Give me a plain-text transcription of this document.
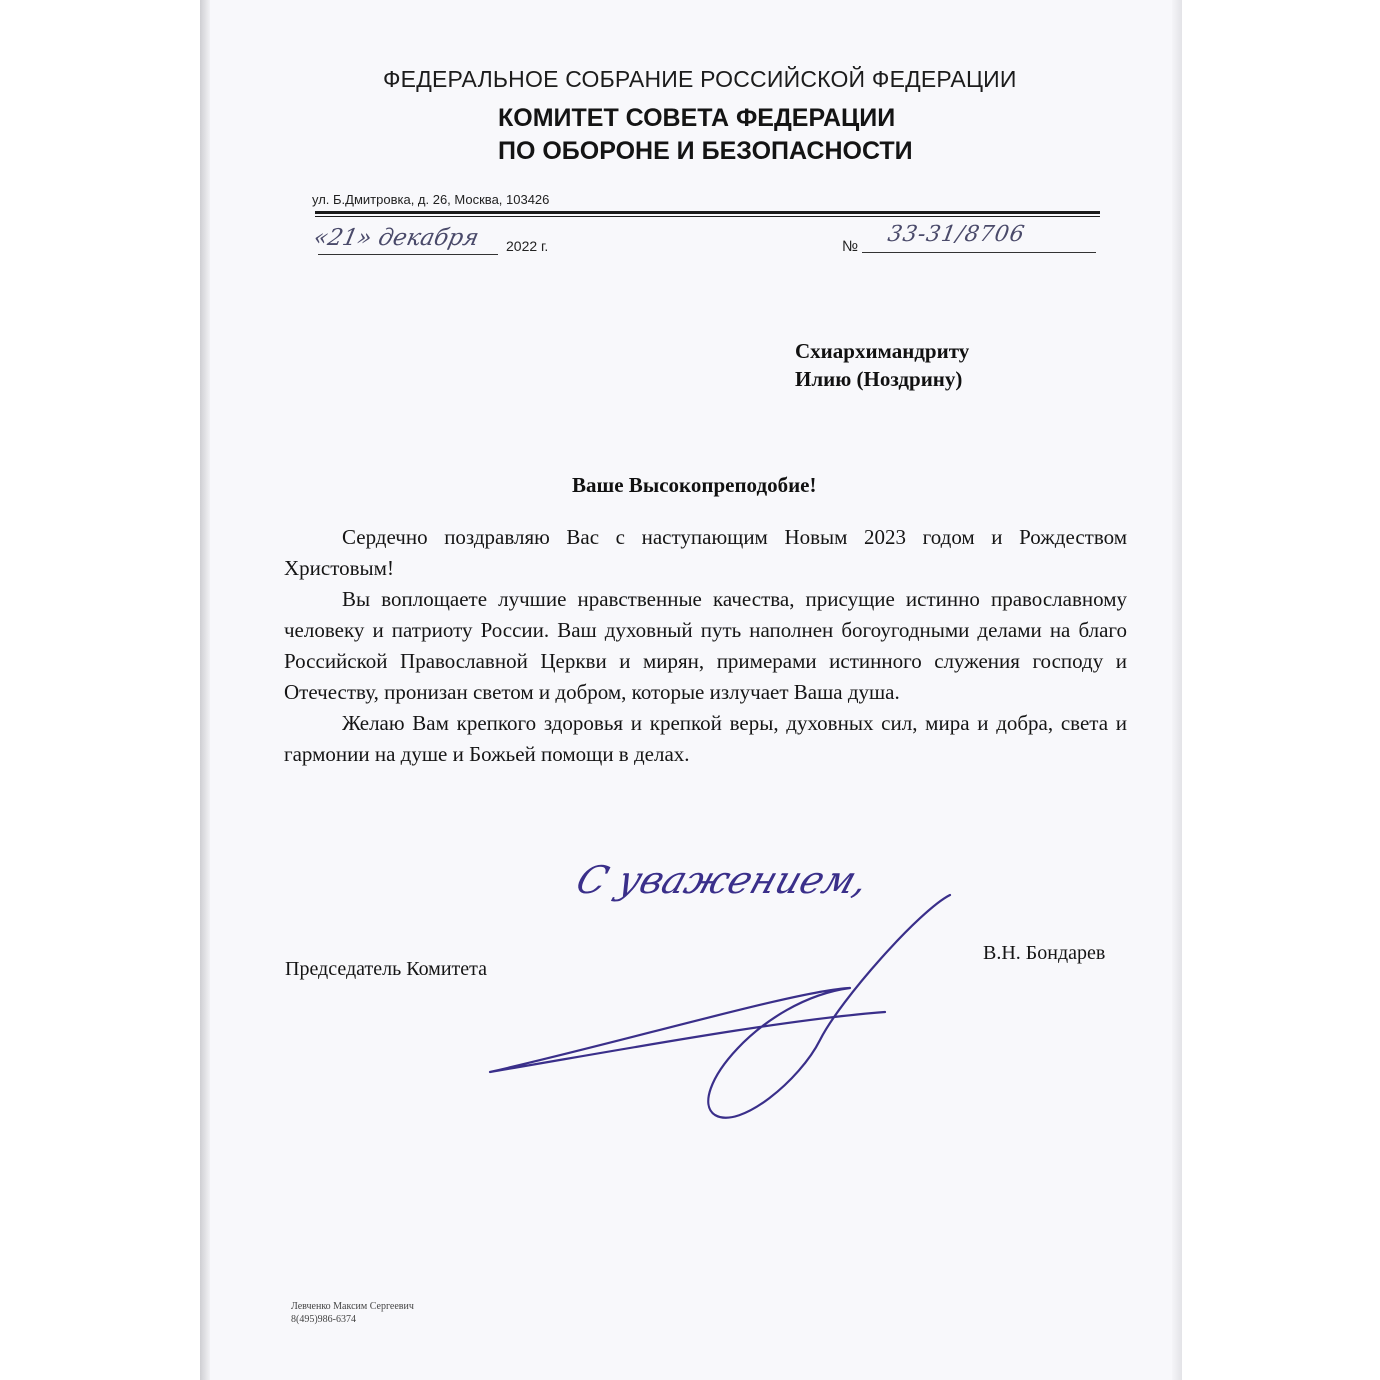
ФЕДЕРАЛЬНОЕ СОБРАНИЕ РОССИЙСКОЙ ФЕДЕРАЦИИ
КОМИТЕТ СОВЕТА ФЕДЕРАЦИИ
ПО ОБОРОНЕ И БЕЗОПАСНОСТИ
ул. Б.Дмитровка, д. 26, Москва, 103426
«21» декабря 2022 г.	№ 33-31/8706
Схиархимандриту
Илию (Ноздрину)
Ваше Высокопреподобие!

Сердечно поздравляю Вас с наступающим Новым 2023 годом и Рождеством Христовым!

Вы воплощаете лучшие нравственные качества, присущие истинно православному человеку и патриоту России. Ваш духовный путь наполнен богоугодными делами на благо Российской Православной Церкви и мирян, примерами истинного служения господу и Отечеству, пронизан светом и добром, которые излучает Ваша душа.

Желаю Вам крепкого здоровья и крепкой веры, духовных сил, мира и добра, света и гармонии на душе и Божьей помощи в делах.

С уважением,
Председатель Комитета
В.Н. Бондарев
Левченко Максим Сергеевич
8(495)986-6374
